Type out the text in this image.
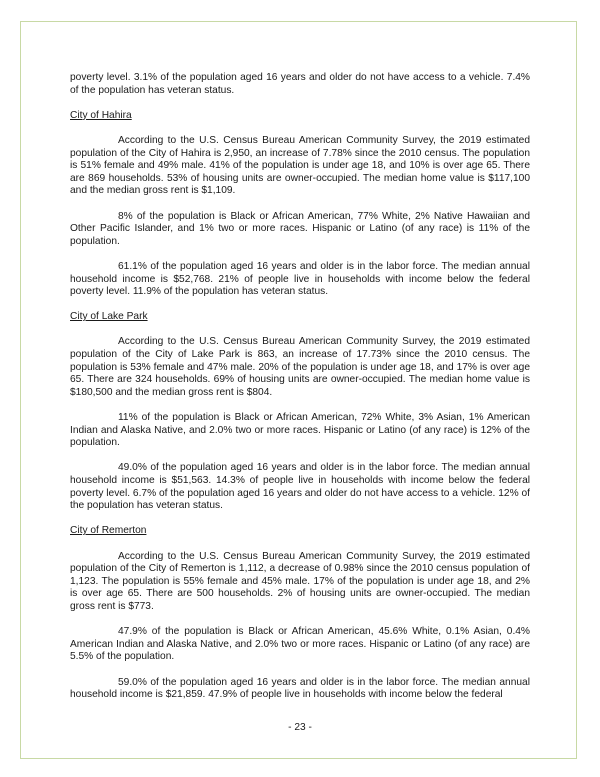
poverty level. 3.1% of the population aged 16 years and older do not have access to a vehicle. 7.4% of the population has veteran status.

City of Hahira

According to the U.S. Census Bureau American Community Survey, the 2019 estimated population of the City of Hahira is 2,950, an increase of 7.78% since the 2010 census. The population is 51% female and 49% male. 41% of the population is under age 18, and 10% is over age 65. There are 869 households. 53% of housing units are owner-occupied. The median home value is $117,100 and the median gross rent is $1,109.

8% of the population is Black or African American, 77% White, 2% Native Hawaiian and Other Pacific Islander, and 1% two or more races. Hispanic or Latino (of any race) is 11% of the population.

61.1% of the population aged 16 years and older is in the labor force. The median annual household income is $52,768. 21% of people live in households with income below the federal poverty level. 11.9% of the population has veteran status.

City of Lake Park

According to the U.S. Census Bureau American Community Survey, the 2019 estimated population of the City of Lake Park is 863, an increase of 17.73% since the 2010 census. The population is 53% female and 47% male. 20% of the population is under age 18, and 17% is over age 65. There are 324 households. 69% of housing units are owner-occupied. The median home value is $180,500 and the median gross rent is $804.

11% of the population is Black or African American, 72% White, 3% Asian, 1% American Indian and Alaska Native, and 2.0% two or more races. Hispanic or Latino (of any race) is 12% of the population.

49.0% of the population aged 16 years and older is in the labor force. The median annual household income is $51,563. 14.3% of people live in households with income below the federal poverty level. 6.7% of the population aged 16 years and older do not have access to a vehicle. 12% of the population has veteran status.

City of Remerton

According to the U.S. Census Bureau American Community Survey, the 2019 estimated population of the City of Remerton is 1,112, a decrease of 0.98% since the 2010 census population of 1,123. The population is 55% female and 45% male. 17% of the population is under age 18, and 2% is over age 65. There are 500 households. 2% of housing units are owner-occupied. The median gross rent is $773.

47.9% of the population is Black or African American, 45.6% White, 0.1% Asian, 0.4% American Indian and Alaska Native, and 2.0% two or more races. Hispanic or Latino (of any race) are 5.5% of the population.

59.0% of the population aged 16 years and older is in the labor force. The median annual household income is $21,859. 47.9% of people live in households with income below the federal

- 23 -
